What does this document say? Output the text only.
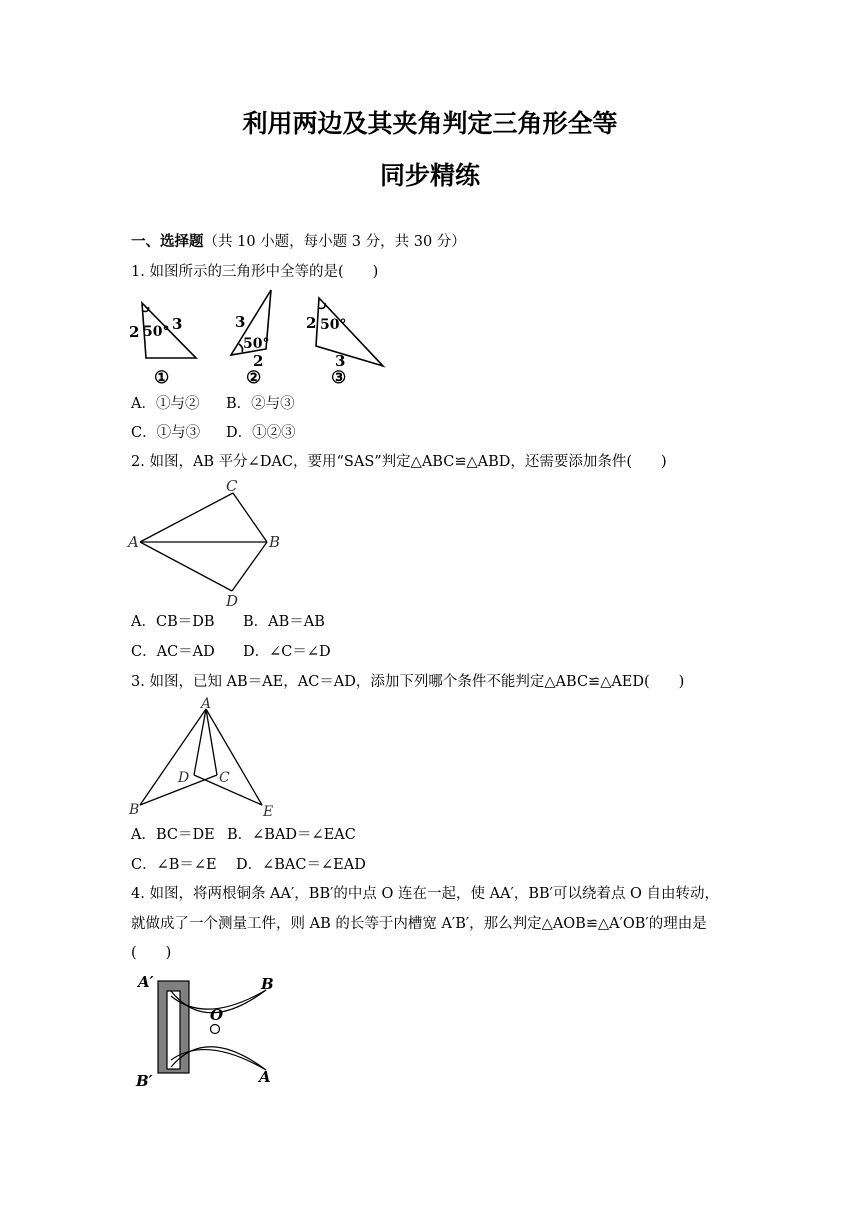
利用两边及其夹角判定三角形全等
同步精练
一、选择题（共 10 小题，每小题 3 分，共 30 分）
1. 如图所示的三角形中全等的是(　　)
2 3
50°
①
3
2
50°
②
2
3
50°
③
A．①与② B．②与③
C．①与③ D．①②③
2. 如图，AB 平分∠DAC，要用“SAS”判定△ABC≌△ABD，还需要添加条件(　　)
A	B
C
D
A．CB＝DB B．AB＝AB
C．AC＝AD D．∠C＝∠D
3. 如图，已知 AB＝AE，AC＝AD，添加下列哪个条件不能判定△ABC≌△AED(　　)
A
B
C
D
E
A．BC＝DE B．∠BAD＝∠EAC
C．∠B＝∠E D．∠BAC＝∠EAD
4. 如图，将两根铜条 AA′，BB′的中点 O 连在一起，使 AA′，BB′可以绕着点 O 自由转动，
就做成了一个测量工件，则 AB 的长等于内槽宽 A′B′，那么判定△AOB≌△A′OB′的理由是
(　　)
A′	B
O
B′	A
